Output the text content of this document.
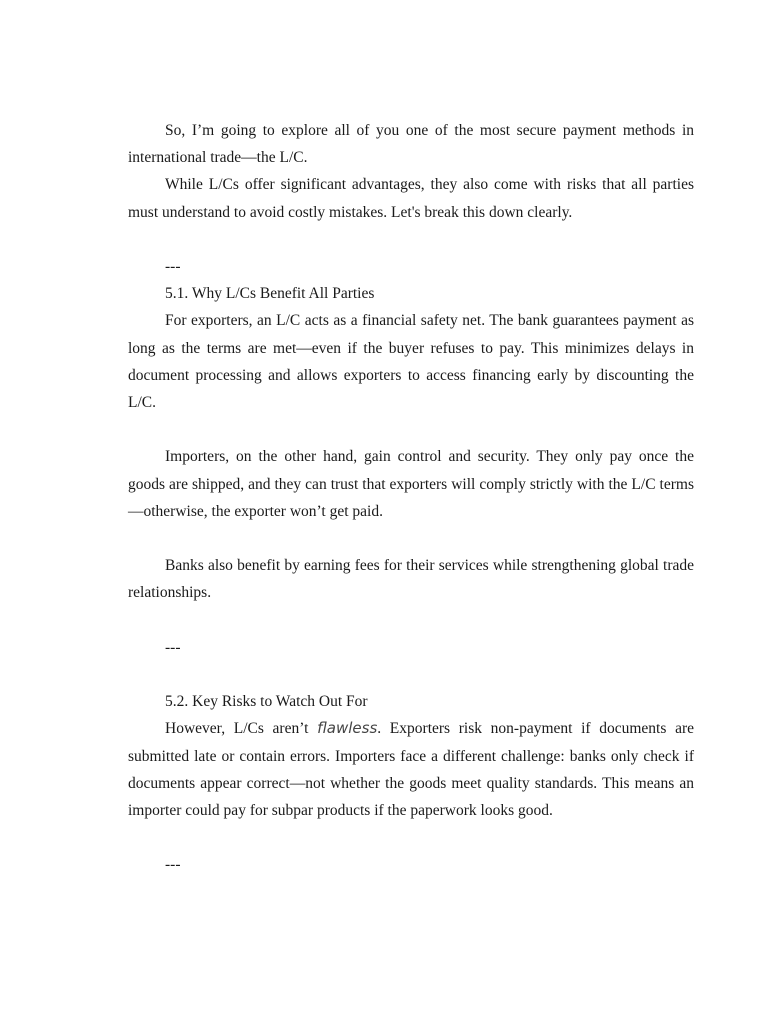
So, I’m going to explore all of you one of the most secure payment methods in international trade—the L/C.

While L/Cs offer significant advantages, they also come with risks that all parties must understand to avoid costly mistakes. Let's break this down clearly.

---

5.1. Why L/Cs Benefit All Parties

For exporters, an L/C acts as a financial safety net. The bank guarantees payment as long as the terms are met—even if the buyer refuses to pay. This minimizes delays in document processing and allows exporters to access financing early by discounting the L/C.

Importers, on the other hand, gain control and security. They only pay once the goods are shipped, and they can trust that exporters will comply strictly with the L/C terms—otherwise, the exporter won’t get paid.

Banks also benefit by earning fees for their services while strengthening global trade relationships.

---

5.2. Key Risks to Watch Out For

However, L/Cs aren’t flawless. Exporters risk non-payment if documents are submitted late or contain errors. Importers face a different challenge: banks only check if documents appear correct—not whether the goods meet quality standards. This means an importer could pay for subpar products if the paperwork looks good.

---
